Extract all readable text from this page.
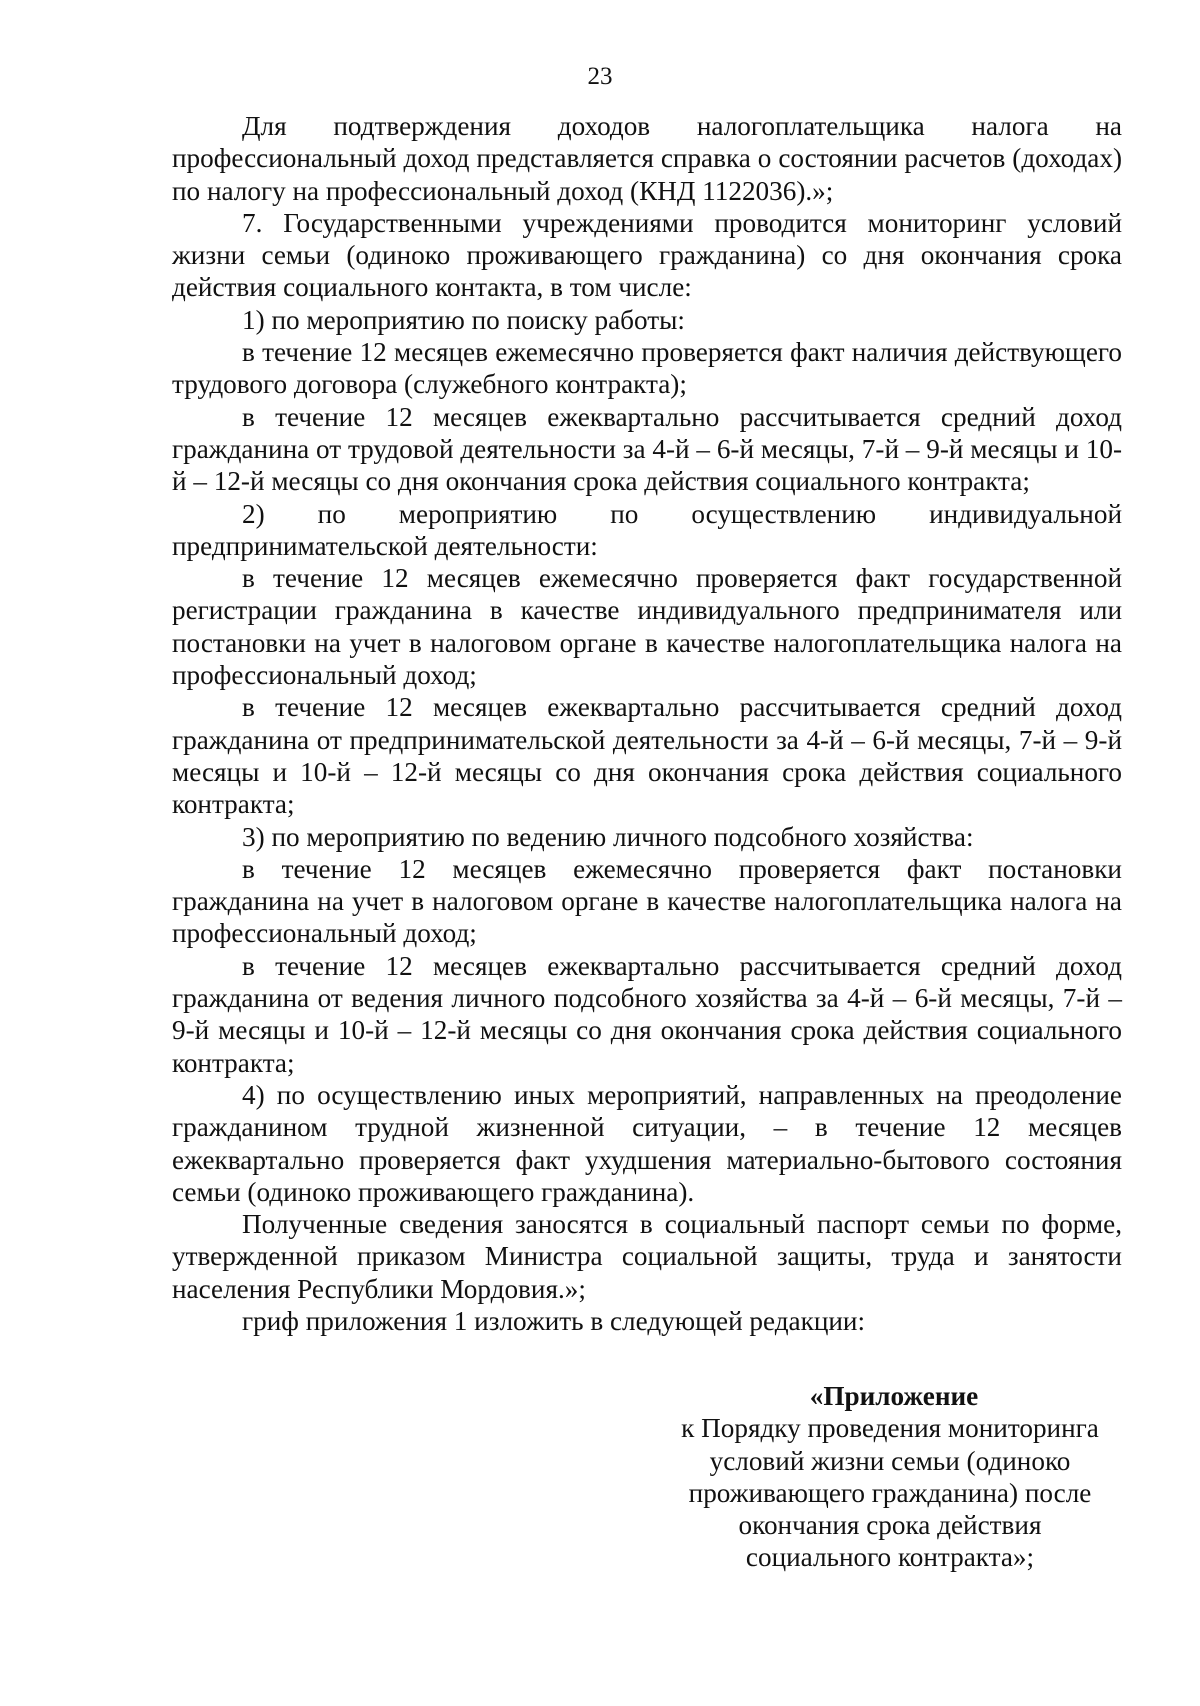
23

Для подтверждения доходов налогоплательщика налога на профессиональный доход представляется справка о состоянии расчетов (доходах) по налогу на профессиональный доход (КНД 1122036).»;

7. Государственными учреждениями проводится мониторинг условий жизни семьи (одиноко проживающего гражданина) со дня окончания срока действия социального контакта, в том числе:

1) по мероприятию по поиску работы:

в течение 12 месяцев ежемесячно проверяется факт наличия действующего трудового договора (служебного контракта);

в течение 12 месяцев ежеквартально рассчитывается средний доход гражданина от трудовой деятельности за 4-й – 6-й месяцы, 7-й – 9-й месяцы и 10-й – 12-й месяцы со дня окончания срока действия социального контракта;

2) по мероприятию по осуществлению индивидуальной предпринимательской деятельности:

в течение 12 месяцев ежемесячно проверяется факт государственной регистрации гражданина в качестве индивидуального предпринимателя или постановки на учет в налоговом органе в качестве налогоплательщика налога на профессиональный доход;

в течение 12 месяцев ежеквартально рассчитывается средний доход гражданина от предпринимательской деятельности за 4-й – 6-й месяцы, 7-й – 9-й месяцы и 10-й – 12-й месяцы со дня окончания срока действия социального контракта;

3) по мероприятию по ведению личного подсобного хозяйства:

в течение 12 месяцев ежемесячно проверяется факт постановки гражданина на учет в налоговом органе в качестве налогоплательщика налога на профессиональный доход;

в течение 12 месяцев ежеквартально рассчитывается средний доход гражданина от ведения личного подсобного хозяйства за 4-й – 6-й месяцы, 7-й – 9-й месяцы и 10-й – 12-й месяцы со дня окончания срока действия социального контракта;

4) по осуществлению иных мероприятий, направленных на преодоление гражданином трудной жизненной ситуации, – в течение 12 месяцев ежеквартально проверяется факт ухудшения материально-бытового состояния семьи (одиноко проживающего гражданина).

Полученные сведения заносятся в социальный паспорт семьи по форме, утвержденной приказом Министра социальной защиты, труда и занятости населения Республики Мордовия.»;

гриф приложения 1 изложить в следующей редакции:

«Приложение
к Порядку проведения мониторинга
условий жизни семьи (одиноко
проживающего гражданина) после
окончания срока действия
социального контракта»;
